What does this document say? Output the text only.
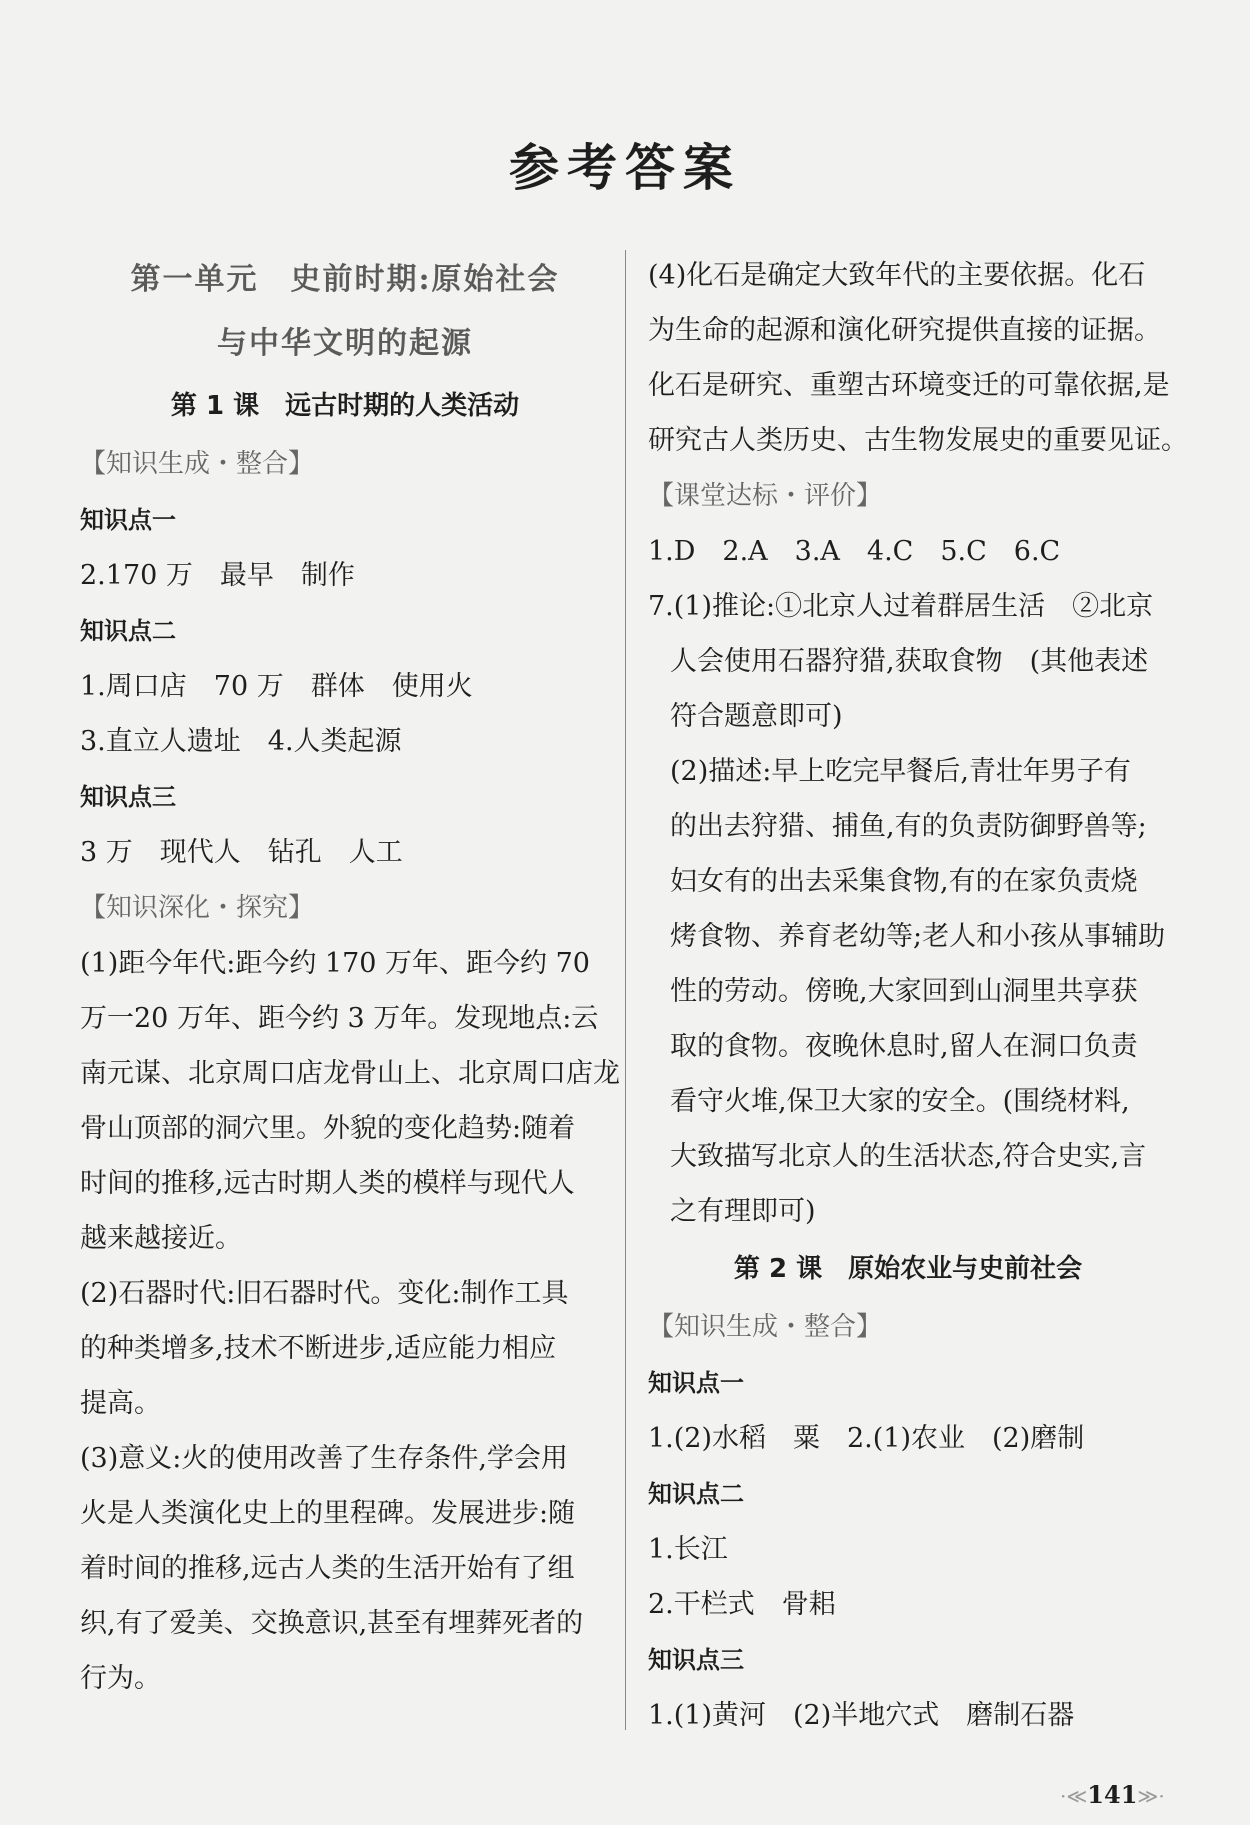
参考答案
第一单元　史前时期:原始社会
与中华文明的起源
第 1 课　远古时期的人类活动
【知识生成・整合】
知识点一
2.170 万　最早　制作
知识点二
1.周口店　70 万　群体　使用火
3.直立人遗址　4.人类起源
知识点三
3 万　现代人　钻孔　人工
【知识深化・探究】
(1)距今年代:距今约 170 万年、距今约 70
万一20 万年、距今约 3 万年。发现地点:云
南元谋、北京周口店龙骨山上、北京周口店龙
骨山顶部的洞穴里。外貌的变化趋势:随着
时间的推移,远古时期人类的模样与现代人
越来越接近。
(2)石器时代:旧石器时代。变化:制作工具
的种类增多,技术不断进步,适应能力相应
提高。
(3)意义:火的使用改善了生存条件,学会用
火是人类演化史上的里程碑。发展进步:随
着时间的推移,远古人类的生活开始有了组
织,有了爱美、交换意识,甚至有埋葬死者的
行为。
(4)化石是确定大致年代的主要依据。化石
为生命的起源和演化研究提供直接的证据。
化石是研究、重塑古环境变迁的可靠依据,是
研究古人类历史、古生物发展史的重要见证。
【课堂达标・评价】
1.D　2.A　3.A　4.C　5.C　6.C
7.(1)推论:①北京人过着群居生活　②北京
人会使用石器狩猎,获取食物　(其他表述
符合题意即可)
(2)描述:早上吃完早餐后,青壮年男子有
的出去狩猎、捕鱼,有的负责防御野兽等;
妇女有的出去采集食物,有的在家负责烧
烤食物、养育老幼等;老人和小孩从事辅助
性的劳动。傍晚,大家回到山洞里共享获
取的食物。夜晚休息时,留人在洞口负责
看守火堆,保卫大家的安全。(围绕材料,
大致描写北京人的生活状态,符合史实,言
之有理即可)
第 2 课　原始农业与史前社会
【知识生成・整合】
知识点一
1.(2)水稻　粟　2.(1)农业　(2)磨制
知识点二
1.长江
2.干栏式　骨耜
知识点三
1.(1)黄河　(2)半地穴式　磨制石器
·≪141≫·
